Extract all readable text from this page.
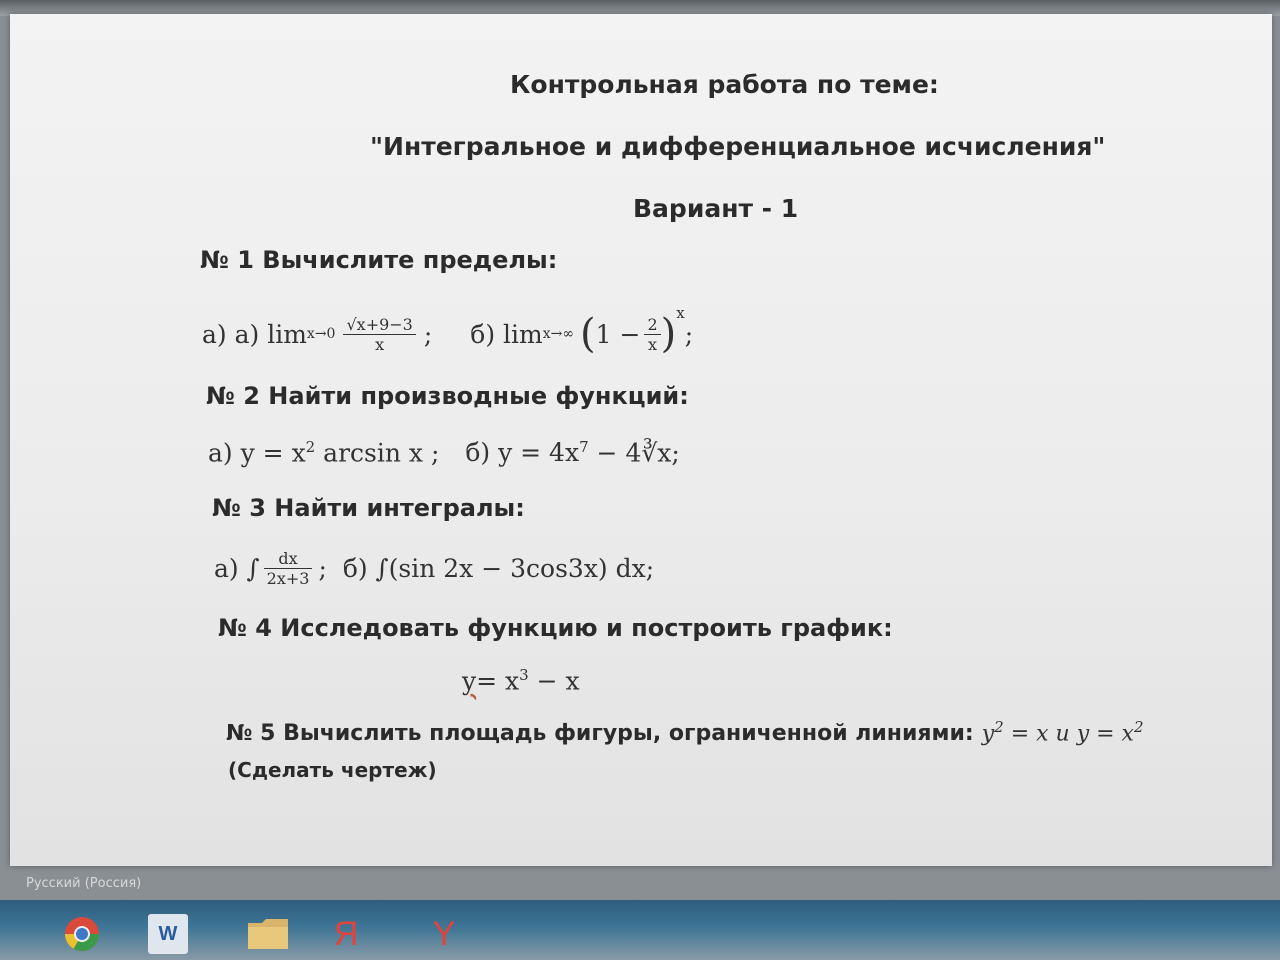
Контрольная работа по теме:
"Интегральное и дифференциальное исчисления"
Вариант - 1
№ 1 Вычислите пределы:
а) а) $\lim x\to 0 \frac{√x+9-3}{x}$ ; б) lim x→∞ ( $1 - \frac{2}{x}$ ) x
;
№ 2 Найти производные функций:
а) $y = x^2$ arcsin x ; б) $y = 4x^7$ − 4∛x;
№ 3 Найти интегралы:
а) ∫ $\frac{dx}{2x+3}$ ; б) ∫(sin 2x − 3cos3x) dx;
№ 4 Исследовать функцию и построить график:
$y= x^3 - x$
№ 5 Вычислить площадь фигуры, ограниченной линиями: $y^2 = x$ и $y = x^2$
(Сделать чертеж)
Русский (Россия)
W	Я Y
